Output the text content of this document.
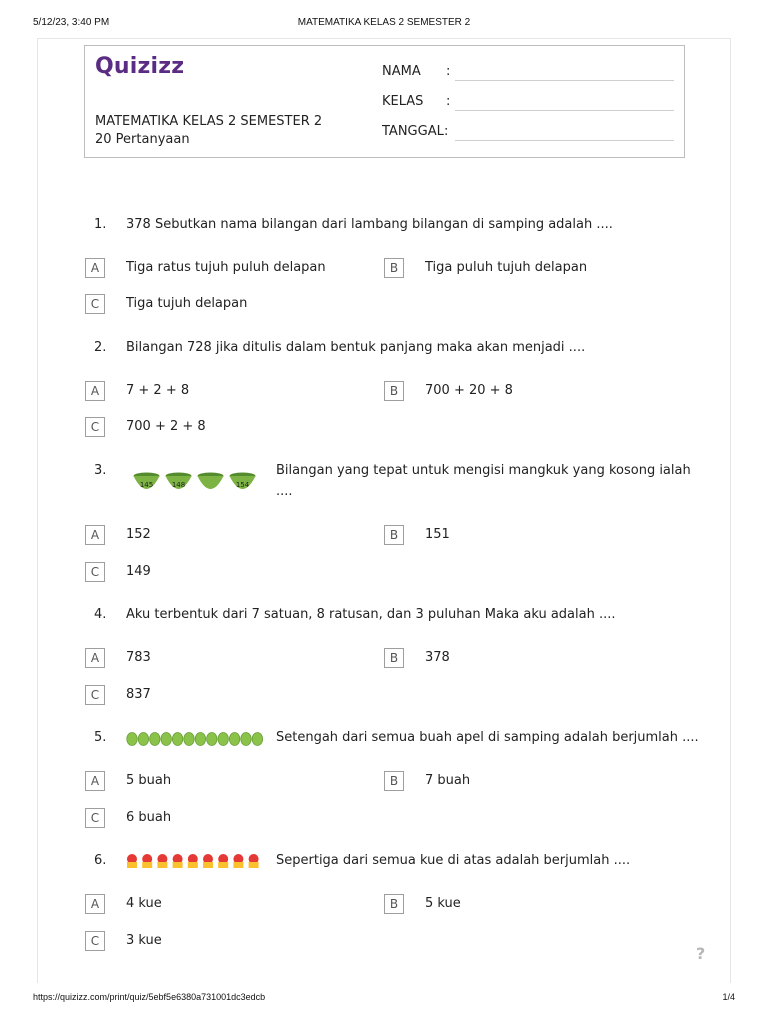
5/12/23, 3:40 PM	MATEMATIKA KELAS 2 SEMESTER 2
Quizizz
MATEMATIKA KELAS 2 SEMESTER 2
20 Pertanyaan
NAMA :
KELAS :
TANGGAL :
1. 378 Sebutkan nama bilangan dari lambang bilangan di samping adalah ....
A	Tiga ratus tujuh puluh delapan	B	Tiga puluh tujuh delapan
C	Tiga tujuh delapan
2. Bilangan 728 jika ditulis dalam bentuk panjang maka akan menjadi ....
A	7 + 2 + 8	B	700 + 20 + 8
C	700 + 2 + 8
3.
145	148	154
Bilangan yang tepat untuk mengisi mangkuk yang kosong ialah
....
A	152	B	151
C	149
4. Aku terbentuk dari 7 satuan, 8 ratusan, dan 3 puluhan Maka aku adalah ....
A	783	B	378
C	837
5.	Setengah dari semua buah apel di samping adalah berjumlah ....
A	5 buah	B	7 buah
C	6 buah
6.	Sepertiga dari semua kue di atas adalah berjumlah ....
A	4 kue	B	5 kue
C	3 kue
?
https://quizizz.com/print/quiz/5ebf5e6380a731001dc3edcb	1/4
